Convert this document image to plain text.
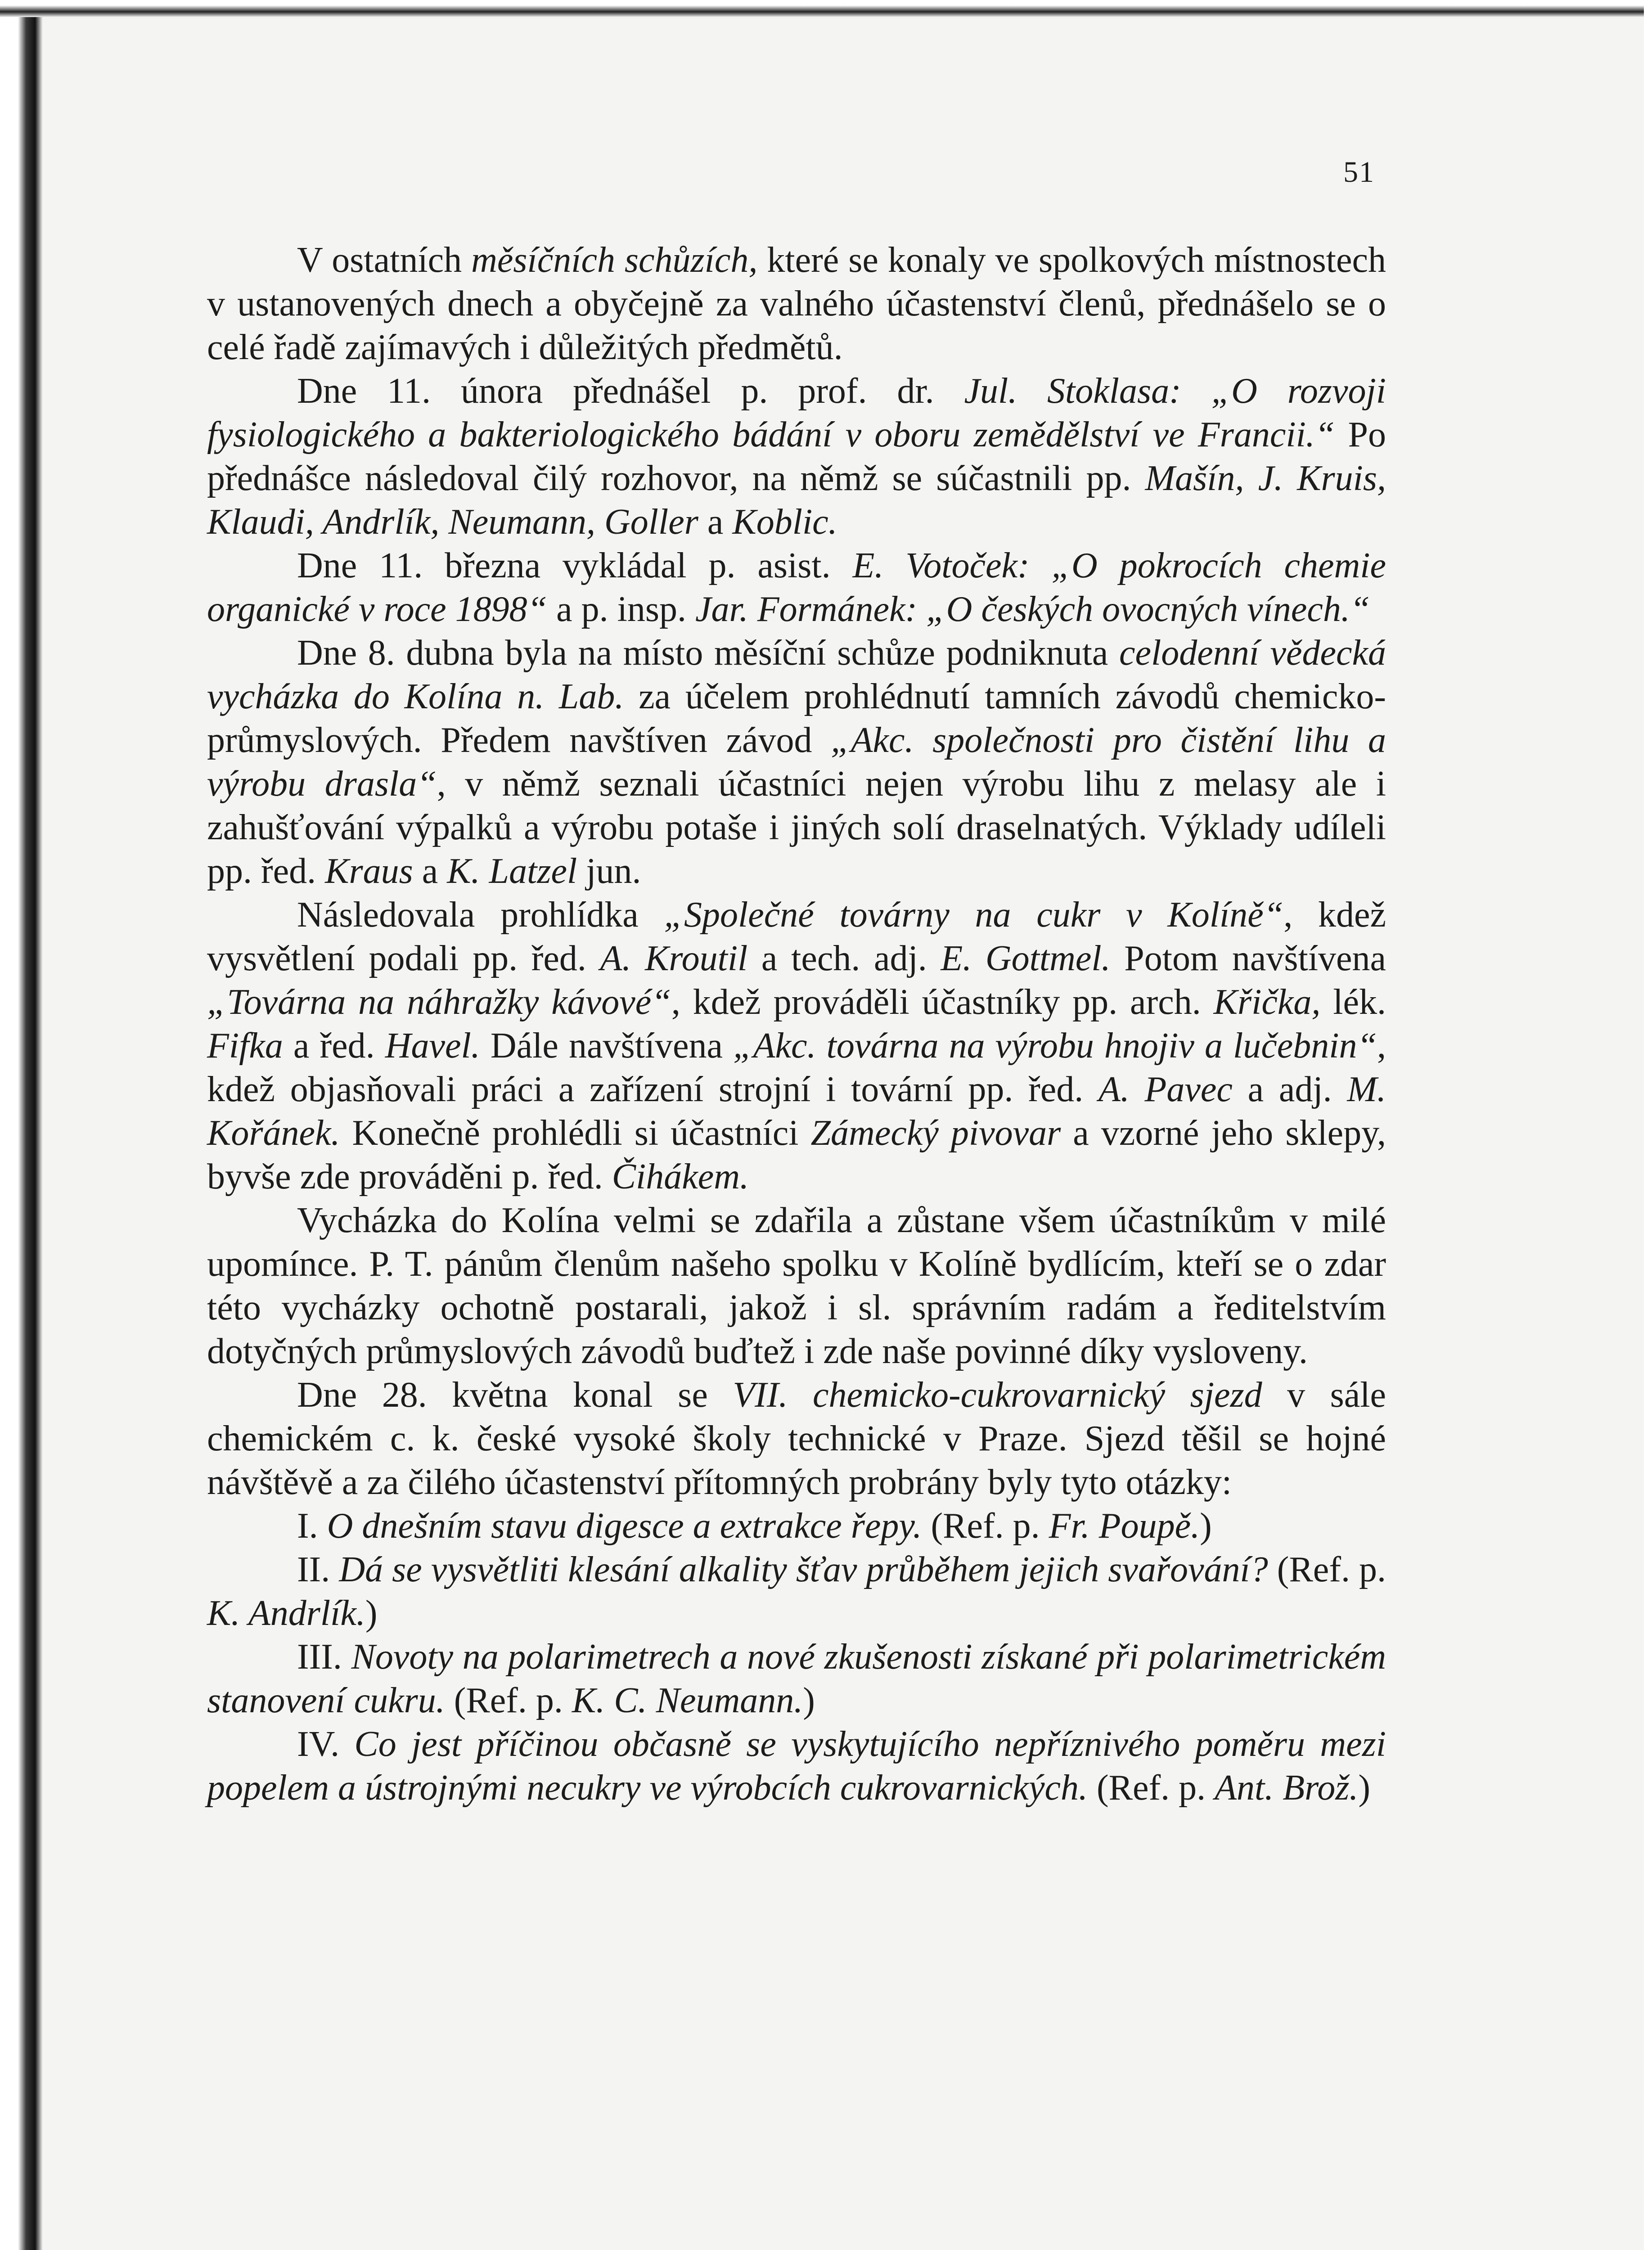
51

V ostatních měsíčních schůzích, které se konaly ve spolkových místnostech v ustanovených dnech a obyčejně za valného účastenství členů, přednášelo se o celé řadě zajímavých i důležitých předmětů.

Dne 11. února přednášel p. prof. dr. Jul. Stoklasa: „O rozvoji fysiologického a bakteriologického bádání v oboru zemědělství ve Francii.“ Po přednášce následoval čilý rozhovor, na němž se súčastnili pp. Mašín, J. Kruis, Klaudi, Andrlík, Neumann, Goller a Koblic.

Dne 11. března vykládal p. asist. E. Votoček: „O pokrocích chemie organické v roce 1898“ a p. insp. Jar. Formánek: „O českých ovocných vínech.“

Dne 8. dubna byla na místo měsíční schůze podniknuta celodenní vědecká vycházka do Kolína n. Lab. za účelem prohlédnutí tamních závodů chemicko-průmyslových. Předem navštíven závod „Akc. společnosti pro čistění lihu a výrobu drasla“, v němž seznali účastníci nejen výrobu lihu z melasy ale i zahušťování výpalků a výrobu potaše i jiných solí draselnatých. Výklady udíleli pp. řed. Kraus a K. Latzel jun.

Následovala prohlídka „Společné továrny na cukr v Kolíně“, kdež vysvětlení podali pp. řed. A. Kroutil a tech. adj. E. Gottmel. Potom navštívena „Továrna na náhražky kávové“, kdež prováděli účastníky pp. arch. Křička, lék. Fifka a řed. Havel. Dále navštívena „Akc. továrna na výrobu hnojiv a lučebnin“, kdež objasňovali práci a zařízení strojní i tovární pp. řed. A. Pavec a adj. M. Kořánek. Konečně prohlédli si účastníci Zámecký pivovar a vzorné jeho sklepy, byvše zde prováděni p. řed. Čihákem.

Vycházka do Kolína velmi se zdařila a zůstane všem účastníkům v milé upomínce. P. T. pánům členům našeho spolku v Kolíně bydlícím, kteří se o zdar této vycházky ochotně postarali, jakož i sl. správním radám a ředitelstvím dotyčných průmyslových závodů buďtež i zde naše povinné díky vysloveny.

Dne 28. května konal se VII. chemicko-cukrovarnický sjezd v sále chemickém c. k. české vysoké školy technické v Praze. Sjezd těšil se hojné návštěvě a za čilého účastenství přítomných probrány byly tyto otázky:

I. O dnešním stavu digesce a extrakce řepy. (Ref. p. Fr. Poupě.)

II. Dá se vysvětliti klesání alkality šťav průběhem jejich svařování? (Ref. p. K. Andrlík.)

III. Novoty na polarimetrech a nové zkušenosti získané při polarimetrickém stanovení cukru. (Ref. p. K. C. Neumann.)

IV. Co jest příčinou občasně se vyskytujícího nepříznivého poměru mezi popelem a ústrojnými necukry ve výrobcích cukrovarnických. (Ref. p. Ant. Brož.)
